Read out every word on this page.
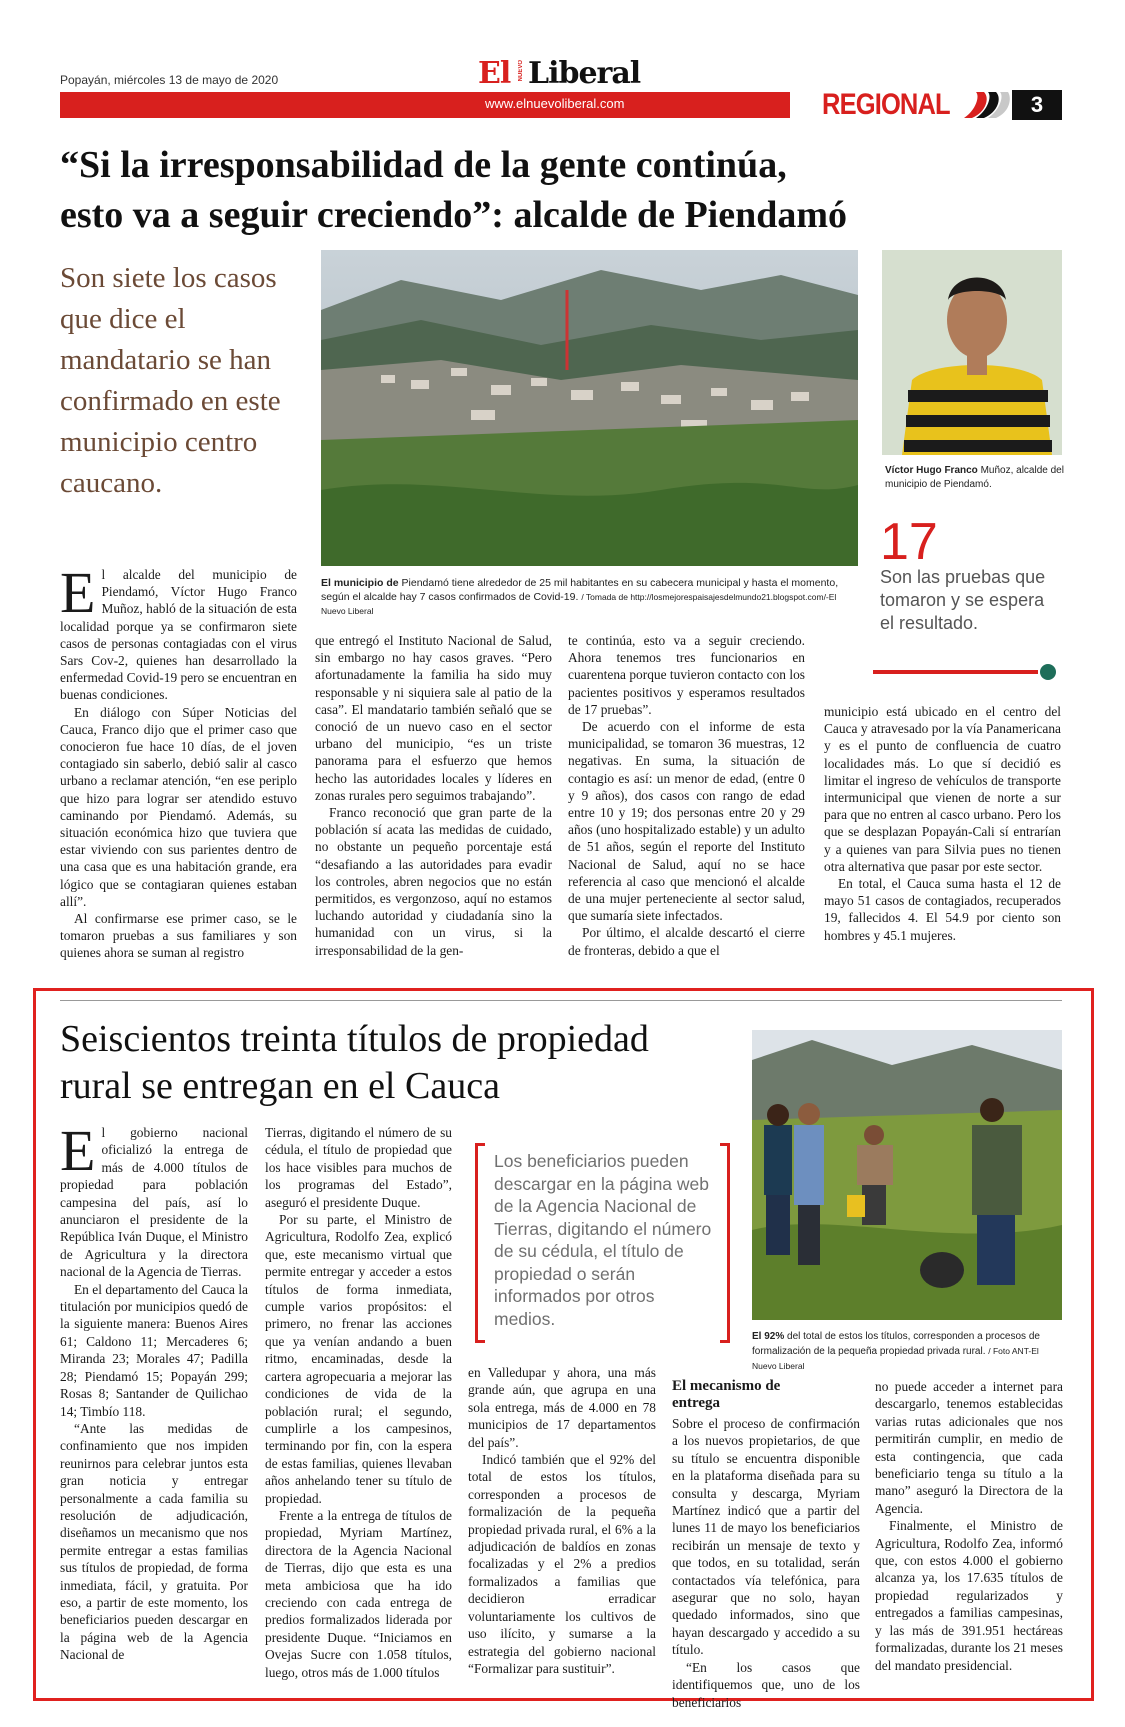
Popayán, miércoles 13 de mayo de 2020	El NUEVO Liberal
www.elnuevoliberal.com	REGIONAL	3
“Si la irresponsabilidad de la gente continúa,
esto va a seguir creciendo”: alcalde de Piendamó
Son siete los casos que dice el mandatario se han confirmado en este municipio centro caucano.
El municipio de Piendamó tiene alrededor de 25 mil habitantes en su cabecera municipal y hasta el momento, según el alcalde hay 7 casos confirmados de Covid-19. / Tomada de http://losmejorespaisajesdelmundo21.blogspot.com/-El Nuevo Liberal
Víctor Hugo Franco Muñoz, alcalde del municipio de Piendamó.
17
Son las pruebas que tomaron y se espera el resultado.

El alcalde del municipio de Piendamó, Víctor Hugo Franco Muñoz, habló de la situación de esta localidad porque ya se confirmaron siete casos de personas contagiadas con el virus Sars Cov-2, quienes han desarrollado la enfermedad Covid-19 pero se encuentran en buenas condiciones.

En diálogo con Súper Noticias del Cauca, Franco dijo que el primer caso que conocieron fue hace 10 días, de el joven contagiado sin saberlo, debió salir al casco urbano a reclamar atención, “en ese periplo que hizo para lograr ser atendido estuvo caminando por Piendamó. Además, su situación económica hizo que tuviera que estar viviendo con sus parientes dentro de una casa que es una habitación grande, era lógico que se contagiaran quienes estaban allí”.

Al confirmarse ese primer caso, se le tomaron pruebas a sus familiares y son quienes ahora se suman al registro

que entregó el Instituto Nacional de Salud, sin embargo no hay casos graves. “Pero afortunadamente la familia ha sido muy responsable y ni siquiera sale al patio de la casa”. El mandatario también señaló que se conoció de un nuevo caso en el sector urbano del municipio, “es un triste panorama para el esfuerzo que hemos hecho las autoridades locales y líderes en zonas rurales pero seguimos trabajando”.

Franco reconoció que gran parte de la población sí acata las medidas de cuidado, no obstante un pequeño porcentaje está “desafiando a las autoridades para evadir los controles, abren negocios que no están permitidos, es vergonzoso, aquí no estamos luchando autoridad y ciudadanía sino la humanidad con un virus, si la irresponsabilidad de la gen-

te continúa, esto va a seguir creciendo. Ahora tenemos tres funcionarios en cuarentena porque tuvieron contacto con los pacientes positivos y esperamos resultados de 17 pruebas”.

De acuerdo con el informe de esta municipalidad, se tomaron 36 muestras, 12 negativas. En suma, la situación de contagio es así: un menor de edad, (entre 0 y 9 años), dos casos con rango de edad entre 10 y 19; dos personas entre 20 y 29 años (uno hospitalizado estable) y un adulto de 51 años, según el reporte del Instituto Nacional de Salud, aquí no se hace referencia al caso que mencionó el alcalde de una mujer perteneciente al sector salud, que sumaría siete infectados.

Por último, el alcalde descartó el cierre de fronteras, debido a que el

municipio está ubicado en el centro del Cauca y atravesado por la vía Panamericana y es el punto de confluencia de cuatro localidades más. Lo que sí decidió es limitar el ingreso de vehículos de transporte intermunicipal que vienen de norte a sur para que no entren al casco urbano. Pero los que se desplazan Popayán-Cali sí entrarían y a quienes van para Silvia pues no tienen otra alternativa que pasar por este sector.

En total, el Cauca suma hasta el 12 de mayo 51 casos de contagiados, recuperados 19, fallecidos 4. El 54.9 por ciento son hombres y 45.1 mujeres.

Seiscientos treinta títulos de propiedad
rural se entregan en el Cauca
El 92% del total de estos los títulos, corresponden a procesos de formalización de la pequeña propiedad privada rural. / Foto ANT-El Nuevo Liberal
Los beneficiarios pueden descargar en la página web de la Agencia Nacional de Tierras, digitando el número de su cédula, el título de propiedad o serán informados por otros medios.

El gobierno nacional oficializó la entrega de más de 4.000 títulos de propiedad para población campesina del país, así lo anunciaron el presidente de la República Iván Duque, el Ministro de Agricultura y la directora nacional de la Agencia de Tierras.

En el departamento del Cauca la titulación por municipios quedó de la siguiente manera: Buenos Aires 61; Caldono 11; Mercaderes 6; Miranda 23; Morales 47; Padilla 28; Piendamó 15; Popayán 299; Rosas 8; Santander de Quilichao 14; Timbío 118.

“Ante las medidas de confinamiento que nos impiden reunirnos para celebrar juntos esta gran noticia y entregar personalmente a cada familia su resolución de adjudicación, diseñamos un mecanismo que nos permite entregar a estas familias sus títulos de propiedad, de forma inmediata, fácil, y gratuita. Por eso, a partir de este momento, los beneficiarios pueden descargar en la página web de la Agencia Nacional de

Tierras, digitando el número de su cédula, el título de propiedad que los hace visibles para muchos de los programas del Estado”, aseguró el presidente Duque.

Por su parte, el Ministro de Agricultura, Rodolfo Zea, explicó que, este mecanismo virtual que permite entregar y acceder a estos títulos de forma inmediata, cumple varios propósitos: el primero, no frenar las acciones que ya venían andando a buen ritmo, encaminadas, desde la cartera agropecuaria a mejorar las condiciones de vida de la población rural; el segundo, cumplirle a los campesinos, terminando por fin, con la espera de estas familias, quienes llevaban años anhelando tener su título de propiedad.

Frente a la entrega de títulos de propiedad, Myriam Martínez, directora de la Agencia Nacional de Tierras, dijo que esta es una meta ambiciosa que ha ido creciendo con cada entrega de predios formalizados liderada por presidente Duque. “Iniciamos en Ovejas Sucre con 1.058 títulos, luego, otros más de 1.000 títulos

en Valledupar y ahora, una más grande aún, que agrupa en una sola entrega, más de 4.000 en 78 municipios de 17 departamentos del país”.

Indicó también que el 92% del total de estos los títulos, corresponden a procesos de formalización de la pequeña propiedad privada rural, el 6% a la adjudicación de baldíos en zonas focalizadas y el 2% a predios formalizados a familias que decidieron erradicar voluntariamente los cultivos de uso ilícito, y sumarse a la estrategia del gobierno nacional “Formalizar para sustituir”.

El mecanismo de entrega

Sobre el proceso de confirmación a los nuevos propietarios, de que su título se encuentra disponible en la plataforma diseñada para su consulta y descarga, Myriam Martínez indicó que a partir del lunes 11 de mayo los beneficiarios recibirán un mensaje de texto y que todos, en su totalidad, serán contactados vía telefónica, para asegurar que no solo, hayan quedado informados, sino que hayan descargado y accedido a su título.

“En los casos que identifiquemos que, uno de los beneficiarios

no puede acceder a internet para descargarlo, tenemos establecidas varias rutas adicionales que nos permitirán cumplir, en medio de esta contingencia, que cada beneficiario tenga su título a la mano” aseguró la Directora de la Agencia.

Finalmente, el Ministro de Agricultura, Rodolfo Zea, informó que, con estos 4.000 el gobierno alcanza ya, los 17.635 títulos de propiedad regularizados y entregados a familias campesinas, y las más de 391.951 hectáreas formalizadas, durante los 21 meses del mandato presidencial.
